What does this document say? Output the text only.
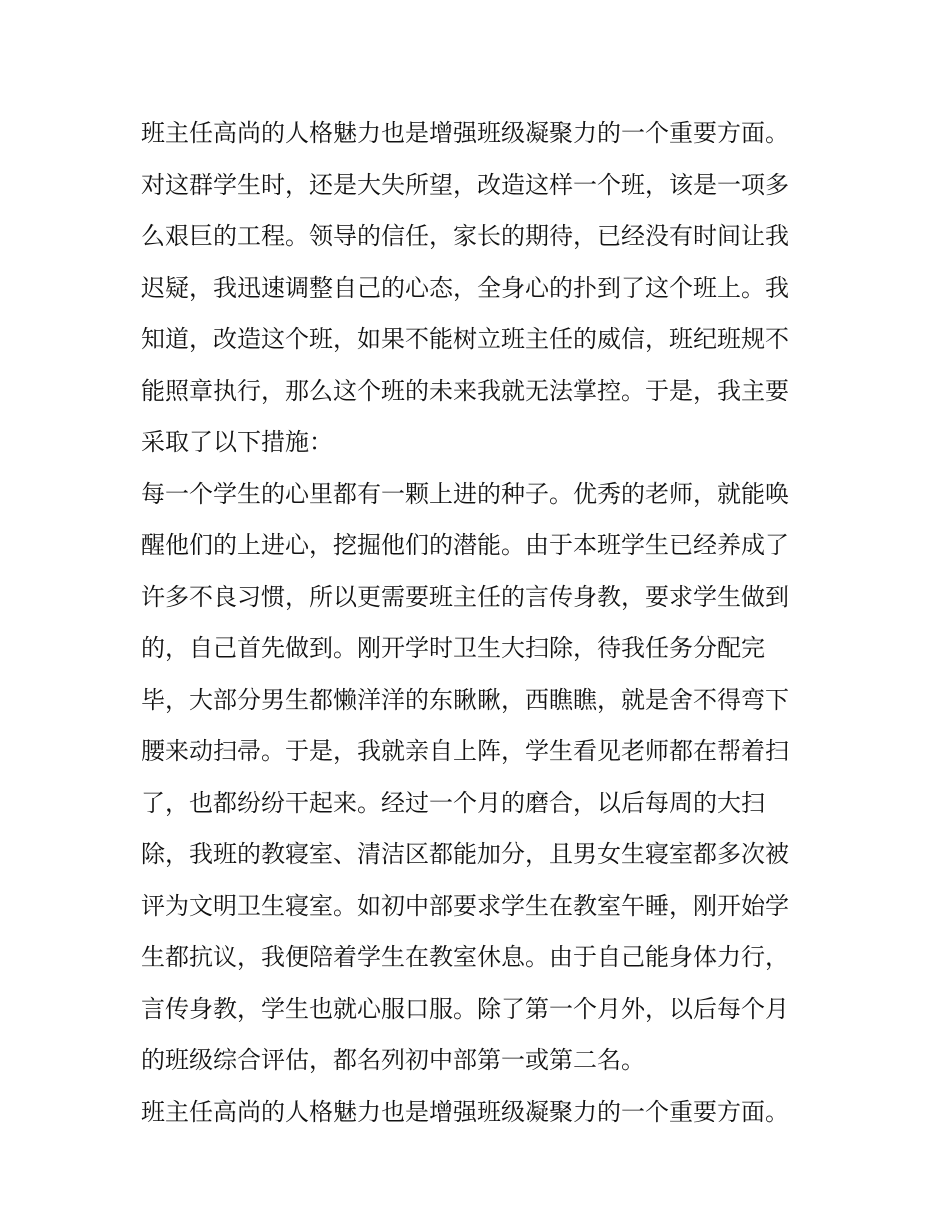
班主任高尚的人格魅力也是增强班级凝聚力的一个重要方面。
对这群学生时，还是大失所望，改造这样一个班，该是一项多
么艰巨的工程。领导的信任，家长的期待，已经没有时间让我
迟疑，我迅速调整自己的心态，全身心的扑到了这个班上。我
知道，改造这个班，如果不能树立班主任的威信，班纪班规不
能照章执行，那么这个班的未来我就无法掌控。于是，我主要
采取了以下措施：
每一个学生的心里都有一颗上进的种子。优秀的老师，就能唤
醒他们的上进心，挖掘他们的潜能。由于本班学生已经养成了
许多不良习惯，所以更需要班主任的言传身教，要求学生做到
的，自己首先做到。刚开学时卫生大扫除，待我任务分配完
毕，大部分男生都懒洋洋的东瞅瞅，西瞧瞧，就是舍不得弯下
腰来动扫帚。于是，我就亲自上阵，学生看见老师都在帮着扫
了，也都纷纷干起来。经过一个月的磨合，以后每周的大扫
除，我班的教寝室、清洁区都能加分，且男女生寝室都多次被
评为文明卫生寝室。如初中部要求学生在教室午睡，刚开始学
生都抗议，我便陪着学生在教室休息。由于自己能身体力行，
言传身教，学生也就心服口服。除了第一个月外，以后每个月
的班级综合评估，都名列初中部第一或第二名。
班主任高尚的人格魅力也是增强班级凝聚力的一个重要方面。
